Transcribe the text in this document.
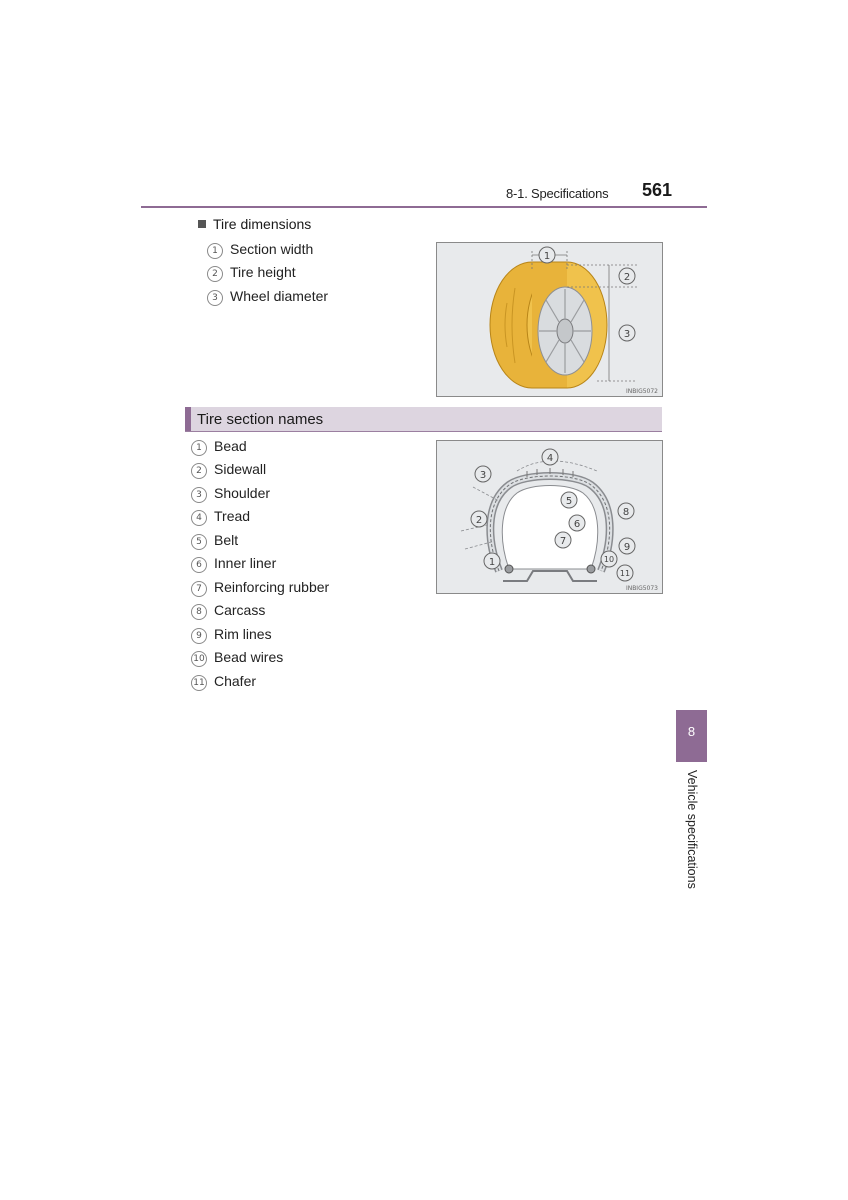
8-1. Specifications 561
Tire dimensions
1 Section width
2 Tire height
3 Wheel diameter
1
2
3
INBIG5072
Tire section names
1 Bead
2 Sidewall
3 Shoulder
4 Tread
5 Belt
6 Inner liner
7 Reinforcing rubber
8 Carcass
9 Rim lines
10 Bead wires
11 Chafer
1
2
3
4
5
6
7
8
9
10
11
INBIG5073
8
Vehicle specifications
